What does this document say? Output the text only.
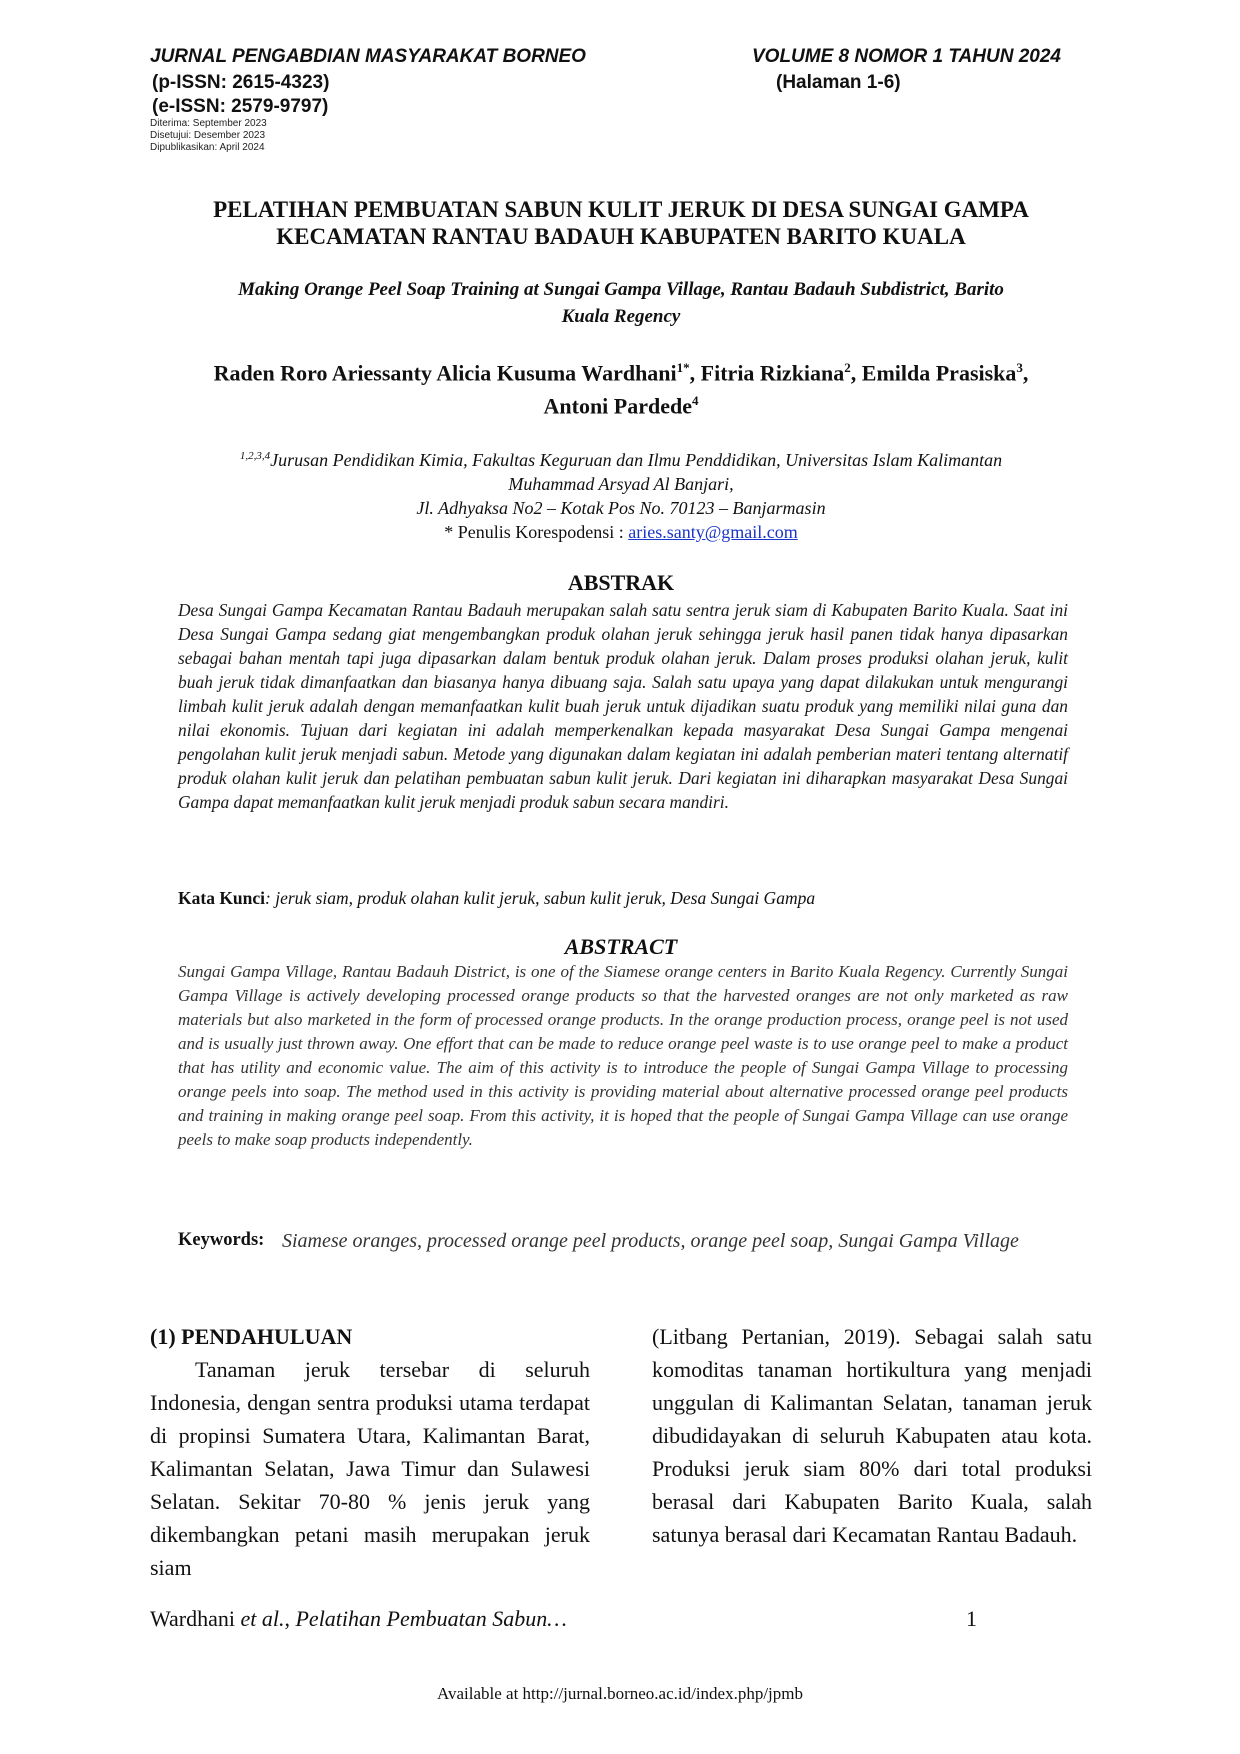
JURNAL PENGABDIAN MASYARAKAT BORNEO	VOLUME 8 NOMOR 1 TAHUN 2024
(p-ISSN: 2615-4323)	(Halaman 1-6)
(e-ISSN: 2579-9797)
Diterima: September 2023
Disetujui: Desember 2023
Dipublikasikan: April 2024
PELATIHAN PEMBUATAN SABUN KULIT JERUK DI DESA SUNGAI GAMPA
KECAMATAN RANTAU BADAUH KABUPATEN BARITO KUALA
Making Orange Peel Soap Training at Sungai Gampa Village, Rantau Badauh Subdistrict, Barito
Kuala Regency
Raden Roro Ariessanty Alicia Kusuma Wardhani$^{1*}$, Fitria Rizkiana$^2$, Emilda Prasiska$^3$,
Antoni Pardede$^4$
$^{1,2,3,4}$Jurusan Pendidikan Kimia, Fakultas Keguruan dan Ilmu Penddidikan, Universitas Islam Kalimantan
Muhammad Arsyad Al Banjari,
Jl. Adhyaksa No2 – Kotak Pos No. 70123 – Banjarmasin
* Penulis Korespodensi : aries.santy@gmail.com
ABSTRAK
Desa Sungai Gampa Kecamatan Rantau Badauh merupakan salah satu sentra jeruk siam di Kabupaten Barito Kuala. Saat ini Desa Sungai Gampa sedang giat mengembangkan produk olahan jeruk sehingga jeruk hasil panen tidak hanya dipasarkan sebagai bahan mentah tapi juga dipasarkan dalam bentuk produk olahan jeruk. Dalam proses produksi olahan jeruk, kulit buah jeruk tidak dimanfaatkan dan biasanya hanya dibuang saja. Salah satu upaya yang dapat dilakukan untuk mengurangi limbah kulit jeruk adalah dengan memanfaatkan kulit buah jeruk untuk dijadikan suatu produk yang memiliki nilai guna dan nilai ekonomis. Tujuan dari kegiatan ini adalah memperkenalkan kepada masyarakat Desa Sungai Gampa mengenai pengolahan kulit jeruk menjadi sabun. Metode yang digunakan dalam kegiatan ini adalah pemberian materi tentang alternatif produk olahan kulit jeruk dan pelatihan pembuatan sabun kulit jeruk. Dari kegiatan ini diharapkan masyarakat Desa Sungai Gampa dapat memanfaatkan kulit jeruk menjadi produk sabun secara mandiri.
Kata Kunci: jeruk siam, produk olahan kulit jeruk, sabun kulit jeruk, Desa Sungai Gampa
ABSTRACT
Sungai Gampa Village, Rantau Badauh District, is one of the Siamese orange centers in Barito Kuala Regency. Currently Sungai Gampa Village is actively developing processed orange products so that the harvested oranges are not only marketed as raw materials but also marketed in the form of processed orange products. In the orange production process, orange peel is not used and is usually just thrown away. One effort that can be made to reduce orange peel waste is to use orange peel to make a product that has utility and economic value. The aim of this activity is to introduce the people of Sungai Gampa Village to processing orange peels into soap. The method used in this activity is providing material about alternative processed orange peel products and training in making orange peel soap. From this activity, it is hoped that the people of Sungai Gampa Village can use orange peels to make soap products independently.
Keywords: Siamese oranges, processed orange peel products, orange peel soap, Sungai Gampa Village
(1) PENDAHULUAN
Tanaman jeruk tersebar di seluruh Indonesia, dengan sentra produksi utama terdapat di propinsi Sumatera Utara, Kalimantan Barat, Kalimantan Selatan, Jawa Timur dan Sulawesi Selatan. Sekitar 70-80 % jenis jeruk yang dikembangkan petani masih merupakan jeruk siam
(Litbang Pertanian, 2019). Sebagai salah satu komoditas tanaman hortikultura yang menjadi unggulan di Kalimantan Selatan, tanaman jeruk dibudidayakan di seluruh Kabupaten atau kota. Produksi jeruk siam 80% dari total produksi berasal dari Kabupaten Barito Kuala, salah satunya berasal dari Kecamatan Rantau Badauh.
Wardhani et al., Pelatihan Pembuatan Sabun…	1
Available at http://jurnal.borneo.ac.id/index.php/jpmb
